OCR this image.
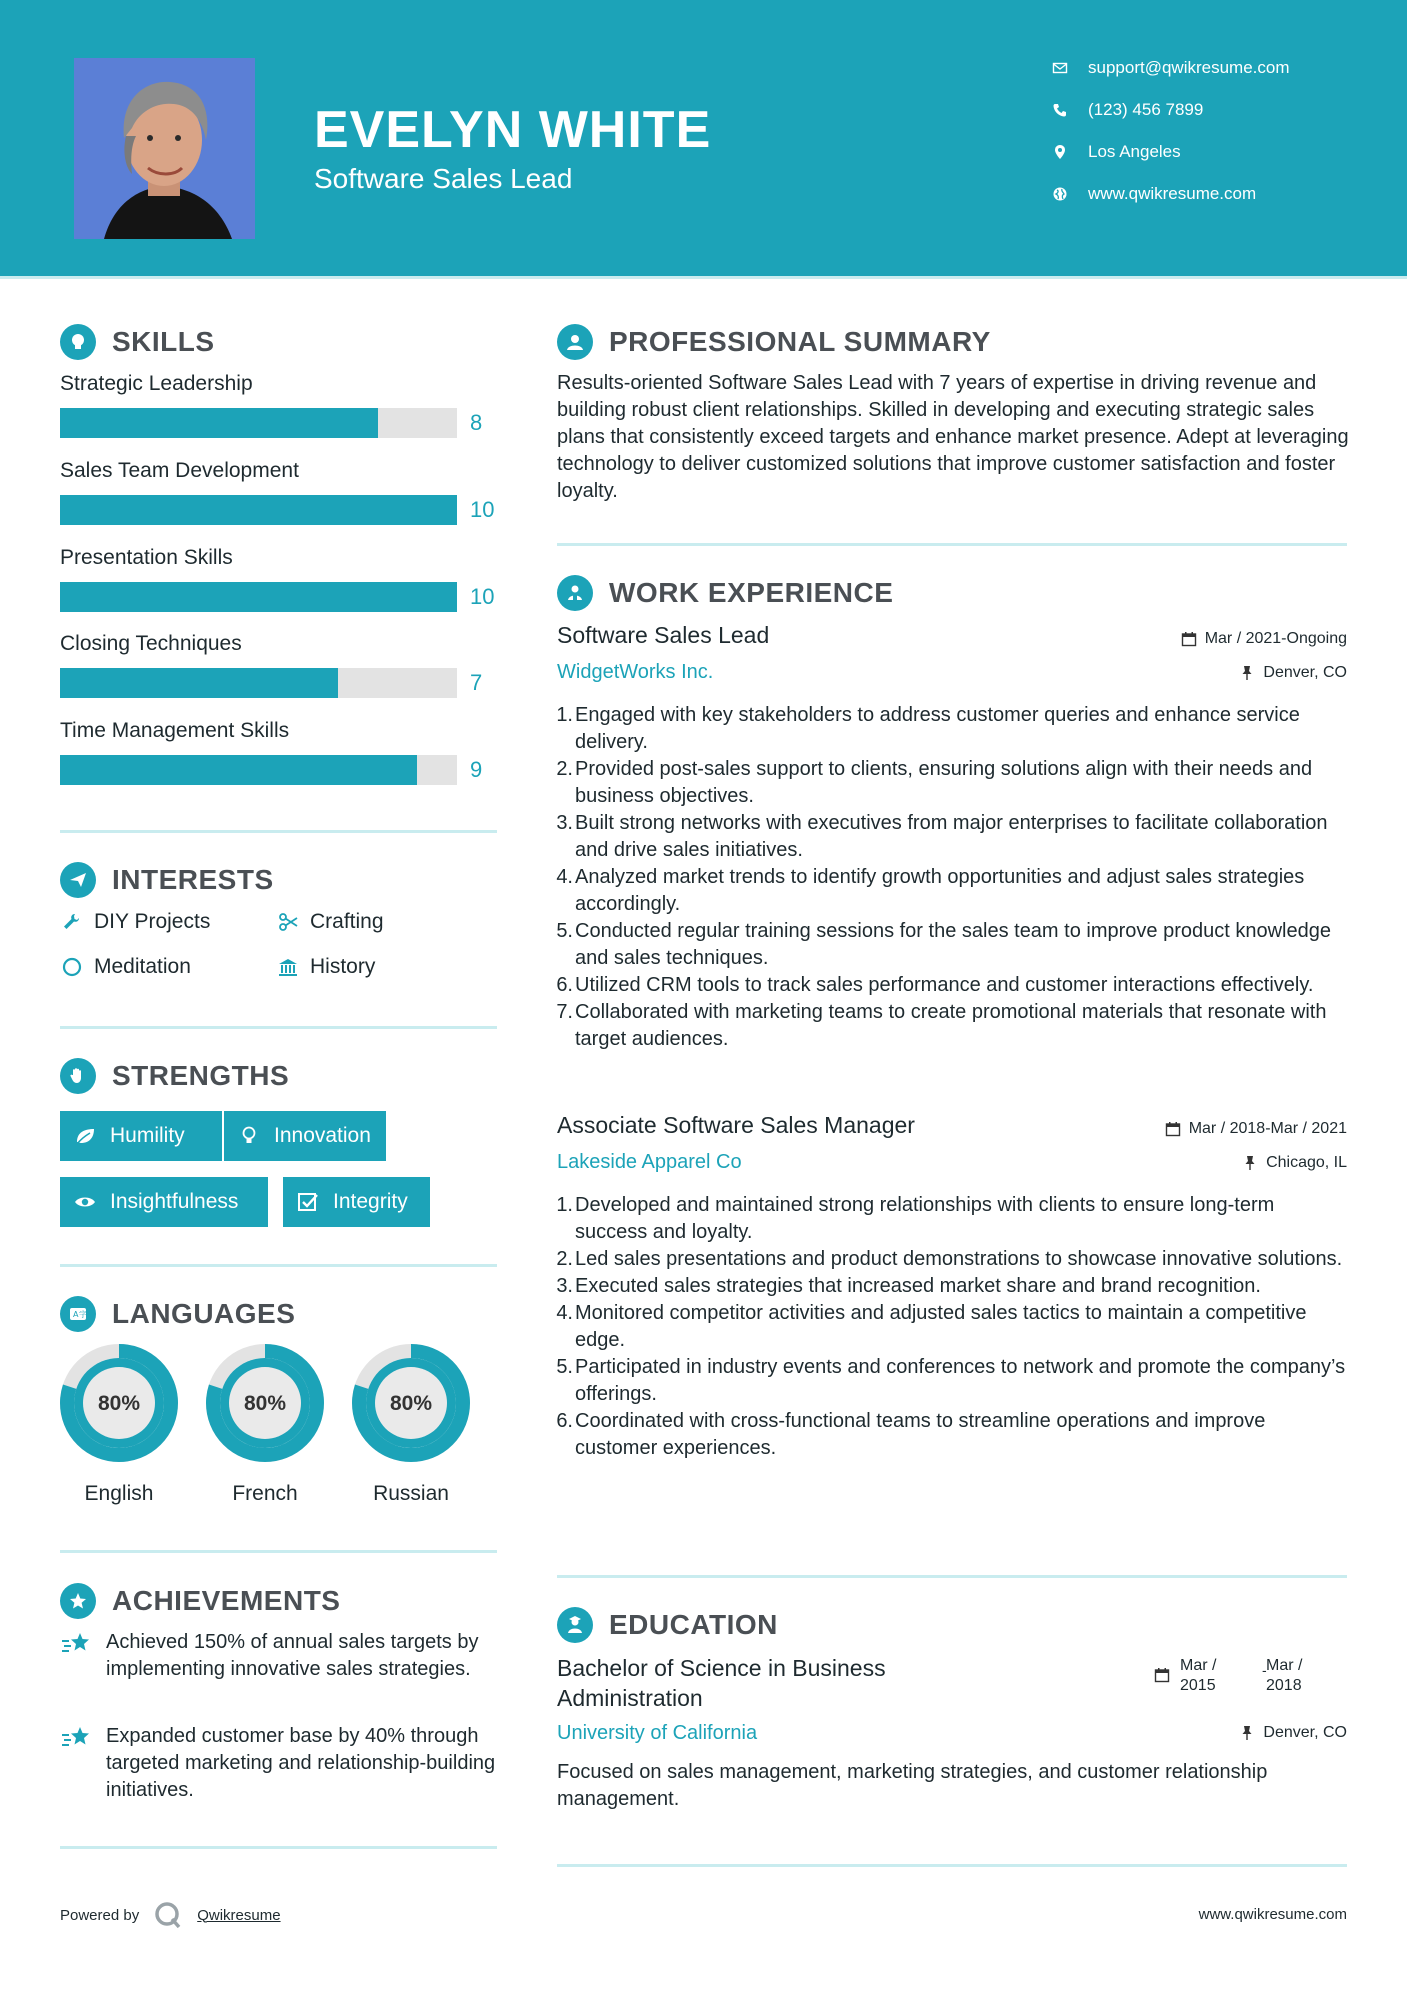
EVELYN WHITE
Software Sales Lead
support@qwikresume.com
(123) 456 7899
Los Angeles
www.qwikresume.com
SKILLS
Strategic Leadership
8
Sales Team Development
10
Presentation Skills
10
Closing Techniques
7
Time Management Skills
9
INTERESTS
DIY Projects	Crafting
Meditation	History
STRENGTHS
Humility	Innovation
Insightfulness	Integrity
A 字 LANGUAGES
80%
English
80%
French
80%
Russian
ACHIEVEMENTS
Achieved 150% of annual sales targets by implementing innovative sales strategies.
Expanded customer base by 40% through targeted marketing and relationship-building initiatives.
PROFESSIONAL SUMMARY
Results-oriented Software Sales Lead with 7 years of expertise in driving revenue and building robust client relationships. Skilled in developing and executing strategic sales plans that consistently exceed targets and enhance market presence. Adept at leveraging technology to deliver customized solutions that improve customer satisfaction and foster loyalty.
WORK EXPERIENCE
Software Sales Lead	Mar / 2021-Ongoing
WidgetWorks Inc.	Denver, CO
1. Engaged with key stakeholders to address customer queries and enhance service delivery.
2. Provided post-sales support to clients, ensuring solutions align with their needs and business objectives.
3. Built strong networks with executives from major enterprises to facilitate collaboration and drive sales initiatives.
4. Analyzed market trends to identify growth opportunities and adjust sales strategies accordingly.
5. Conducted regular training sessions for the sales team to improve product knowledge and sales techniques.
6. Utilized CRM tools to track sales performance and customer interactions effectively.
7. Collaborated with marketing teams to create promotional materials that resonate with target audiences.
Associate Software Sales Manager	Mar / 2018-Mar / 2021
Lakeside Apparel Co	Chicago, IL
1. Developed and maintained strong relationships with clients to ensure long-term success and loyalty.
2. Led sales presentations and product demonstrations to showcase innovative solutions.
3. Executed sales strategies that increased market share and brand recognition.
4. Monitored competitor activities and adjusted sales tactics to maintain a competitive edge.
5. Participated in industry events and conferences to network and promote the company’s offerings.
6. Coordinated with cross-functional teams to streamline operations and improve customer experiences.
EDUCATION
Bachelor of Science in Business Administration
Mar /
2015
- Mar /
2018
University of California	Denver, CO
Focused on sales management, marketing strategies, and customer relationship management.
Powered by	Qwikresume	www.qwikresume.com
